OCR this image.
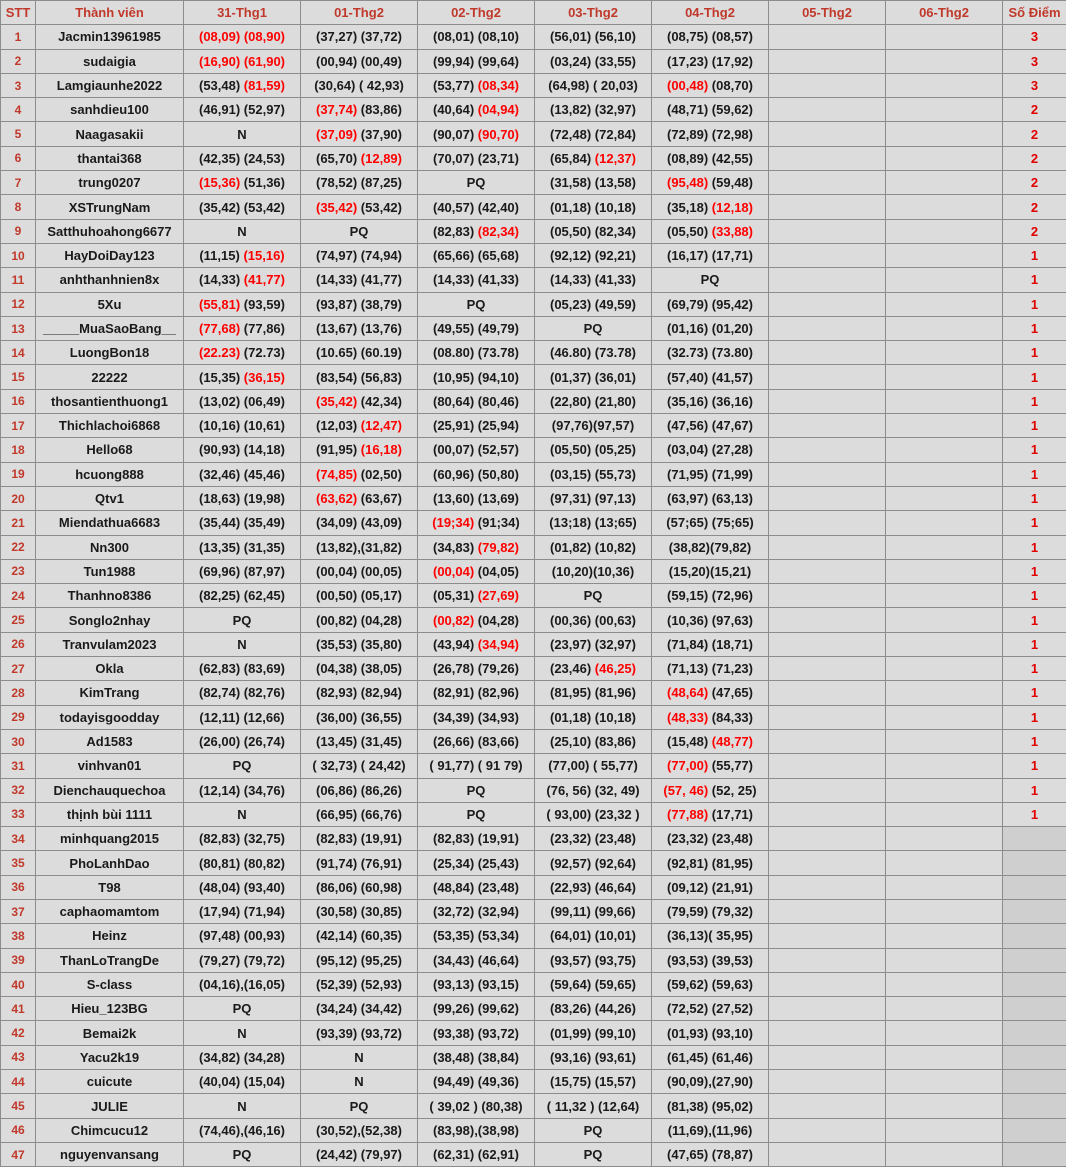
STT	Thành viên	31-Thg1	01-Thg2	02-Thg2	03-Thg2	04-Thg2	05-Thg2	06-Thg2	Số Điểm
1	Jacmin13961985	(08,09) (08,90)	(37,27) (37,72)	(08,01) (08,10)	(56,01) (56,10)	(08,75) (08,57)			3
2	sudaigia	(16,90) (61,90)	(00,94) (00,49)	(99,94) (99,64)	(03,24) (33,55)	(17,23) (17,92)			3
3	Lamgiaunhe2022	(53,48) (81,59)	(30,64) ( 42,93)	(53,77) (08,34)	(64,98) ( 20,03)	(00,48) (08,70)			3
4	sanhdieu100	(46,91) (52,97)	(37,74) (83,86)	(40,64) (04,94)	(13,82) (32,97)	(48,71) (59,62)			2
5	Naagasakii	N	(37,09) (37,90)	(90,07) (90,70)	(72,48) (72,84)	(72,89) (72,98)			2
6	thantai368	(42,35) (24,53)	(65,70) (12,89)	(70,07) (23,71)	(65,84) (12,37)	(08,89) (42,55)			2
7	trung0207	(15,36) (51,36)	(78,52) (87,25)	PQ	(31,58) (13,58)	(95,48) (59,48)			2
8	XSTrungNam	(35,42) (53,42)	(35,42) (53,42)	(40,57) (42,40)	(01,18) (10,18)	(35,18) (12,18)			2
9	Satthuhoahong6677	N	PQ	(82,83) (82,34)	(05,50) (82,34)	(05,50) (33,88)			2
10	HayDoiDay123	(11,15) (15,16)	(74,97) (74,94)	(65,66) (65,68)	(92,12) (92,21)	(16,17) (17,71)			1
11	anhthanhnien8x	(14,33) (41,77)	(14,33) (41,77)	(14,33) (41,33)	(14,33) (41,33)	PQ			1
12	5Xu	(55,81) (93,59)	(93,87) (38,79)	PQ	(05,23) (49,59)	(69,79) (95,42)			1
13	_____MuaSaoBang__	(77,68) (77,86)	(13,67) (13,76)	(49,55) (49,79)	PQ	(01,16) (01,20)			1
14	LuongBon18	(22.23) (72.73)	(10.65) (60.19)	(08.80) (73.78)	(46.80) (73.78)	(32.73) (73.80)			1
15	22222	(15,35) (36,15)	(83,54) (56,83)	(10,95) (94,10)	(01,37) (36,01)	(57,40) (41,57)			1
16	thosantienthuong1	(13,02) (06,49)	(35,42) (42,34)	(80,64) (80,46)	(22,80) (21,80)	(35,16) (36,16)			1
17	Thichlachoi6868	(10,16) (10,61)	(12,03) (12,47)	(25,91) (25,94)	(97,76)(97,57)	(47,56) (47,67)			1
18	Hello68	(90,93) (14,18)	(91,95) (16,18)	(00,07) (52,57)	(05,50) (05,25)	(03,04) (27,28)			1
19	hcuong888	(32,46) (45,46)	(74,85) (02,50)	(60,96) (50,80)	(03,15) (55,73)	(71,95) (71,99)			1
20	Qtv1	(18,63) (19,98)	(63,62) (63,67)	(13,60) (13,69)	(97,31) (97,13)	(63,97) (63,13)			1
21	Miendathua6683	(35,44) (35,49)	(34,09) (43,09)	(19;34) (91;34)	(13;18) (13;65)	(57;65) (75;65)			1
22	Nn300	(13,35) (31,35)	(13,82),(31,82)	(34,83) (79,82)	(01,82) (10,82)	(38,82)(79,82)			1
23	Tun1988	(69,96) (87,97)	(00,04) (00,05)	(00,04) (04,05)	(10,20)(10,36)	(15,20)(15,21)			1
24	Thanhno8386	(82,25) (62,45)	(00,50) (05,17)	(05,31) (27,69)	PQ	(59,15) (72,96)			1
25	Songlo2nhay	PQ	(00,82) (04,28)	(00,82) (04,28)	(00,36) (00,63)	(10,36) (97,63)			1
26	Tranvulam2023	N	(35,53) (35,80)	(43,94) (34,94)	(23,97) (32,97)	(71,84) (18,71)			1
27	Okla	(62,83) (83,69)	(04,38) (38,05)	(26,78) (79,26)	(23,46) (46,25)	(71,13) (71,23)			1
28	KimTrang	(82,74) (82,76)	(82,93) (82,94)	(82,91) (82,96)	(81,95) (81,96)	(48,64) (47,65)			1
29	todayisgoodday	(12,11) (12,66)	(36,00) (36,55)	(34,39) (34,93)	(01,18) (10,18)	(48,33) (84,33)			1
30	Ad1583	(26,00) (26,74)	(13,45) (31,45)	(26,66) (83,66)	(25,10) (83,86)	(15,48) (48,77)			1
31	vinhvan01	PQ	( 32,73) ( 24,42)	( 91,77) ( 91 79)	(77,00) ( 55,77)	(77,00) (55,77)			1
32	Dienchauquechoa	(12,14) (34,76)	(06,86) (86,26)	PQ	(76, 56) (32, 49)	(57, 46) (52, 25)			1
33	thịnh bùi 1111	N	(66,95) (66,76)	PQ	( 93,00) (23,32 )	(77,88) (17,71)			1
34	minhquang2015	(82,83) (32,75)	(82,83) (19,91)	(82,83) (19,91)	(23,32) (23,48)	(23,32) (23,48)			
35	PhoLanhDao	(80,81) (80,82)	(91,74) (76,91)	(25,34) (25,43)	(92,57) (92,64)	(92,81) (81,95)			
36	T98	(48,04) (93,40)	(86,06) (60,98)	(48,84) (23,48)	(22,93) (46,64)	(09,12) (21,91)			
37	caphaomamtom	(17,94) (71,94)	(30,58) (30,85)	(32,72) (32,94)	(99,11) (99,66)	(79,59) (79,32)			
38	Heinz	(97,48) (00,93)	(42,14) (60,35)	(53,35) (53,34)	(64,01) (10,01)	(36,13)( 35,95)			
39	ThanLoTrangDe	(79,27) (79,72)	(95,12) (95,25)	(34,43) (46,64)	(93,57) (93,75)	(93,53) (39,53)			
40	S-class	(04,16),(16,05)	(52,39) (52,93)	(93,13) (93,15)	(59,64) (59,65)	(59,62) (59,63)			
41	Hieu_123BG	PQ	(34,24) (34,42)	(99,26) (99,62)	(83,26) (44,26)	(72,52) (27,52)			
42	Bemai2k	N	(93,39) (93,72)	(93,38) (93,72)	(01,99) (99,10)	(01,93) (93,10)			
43	Yacu2k19	(34,82) (34,28)	N	(38,48) (38,84)	(93,16) (93,61)	(61,45) (61,46)			
44	cuicute	(40,04) (15,04)	N	(94,49) (49,36)	(15,75) (15,57)	(90,09),(27,90)			
45	JULIE	N	PQ	( 39,02 ) (80,38)	( 11,32 ) (12,64)	(81,38) (95,02)			
46	Chimcucu12	(74,46),(46,16)	(30,52),(52,38)	(83,98),(38,98)	PQ	(11,69),(11,96)			
47	nguyenvansang	PQ	(24,42) (79,97)	(62,31) (62,91)	PQ	(47,65) (78,87)			
